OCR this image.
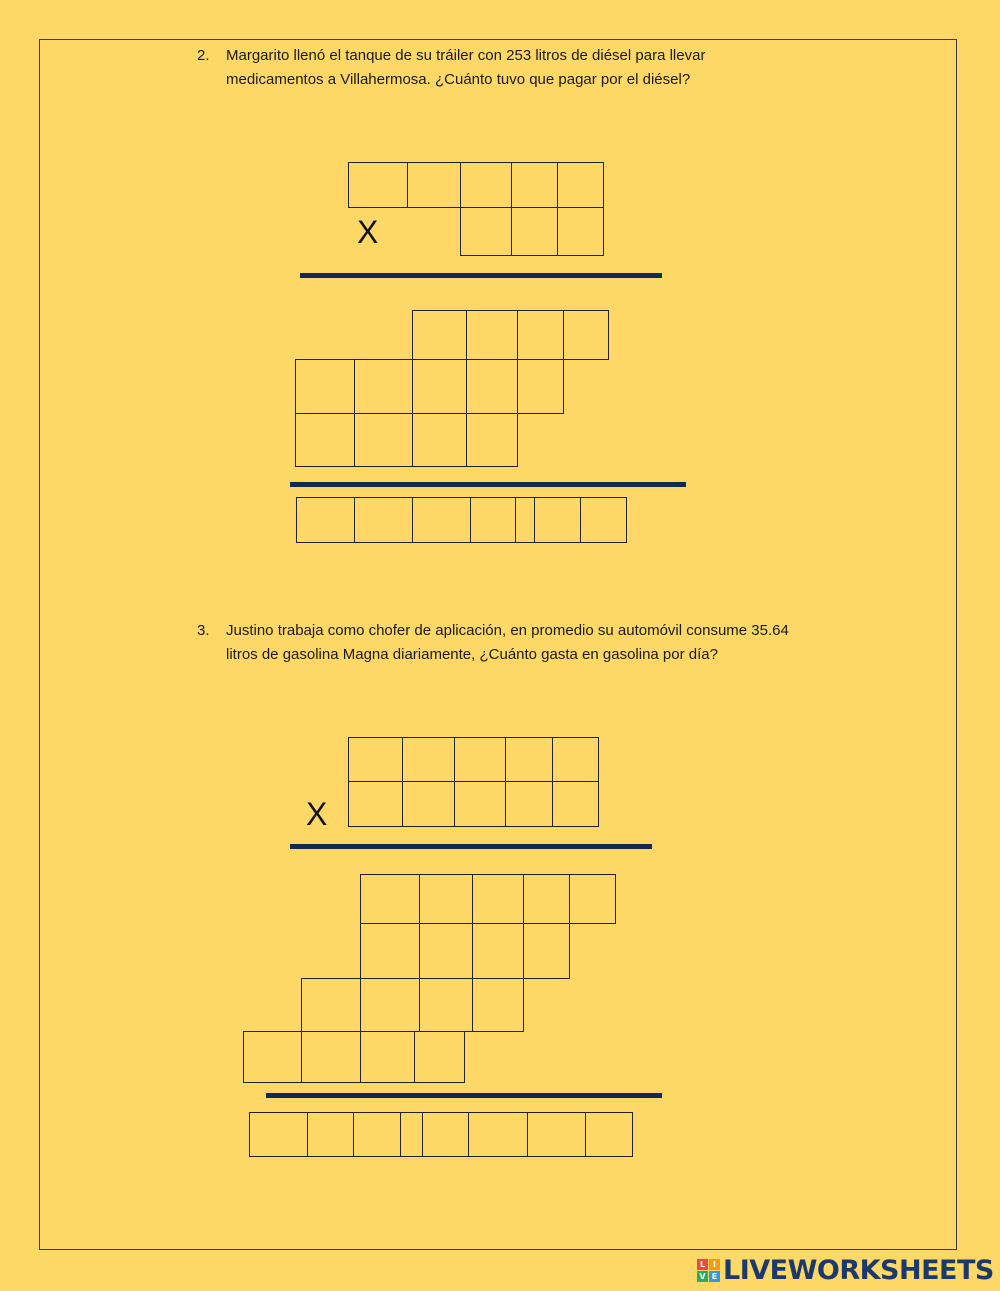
2. Margarito llenó el tanque de su tráiler con 253 litros de diésel para llevar
medicamentos a Villahermosa. ¿Cuánto tuvo que pagar por el diésel?
X
3. Justino trabaja como chofer de aplicación, en promedio su automóvil consume 35.64
litros de gasolina Magna diariamente, ¿Cuánto gasta en gasolina por día?
X
L I
V E LIVEWORKSHEETS
